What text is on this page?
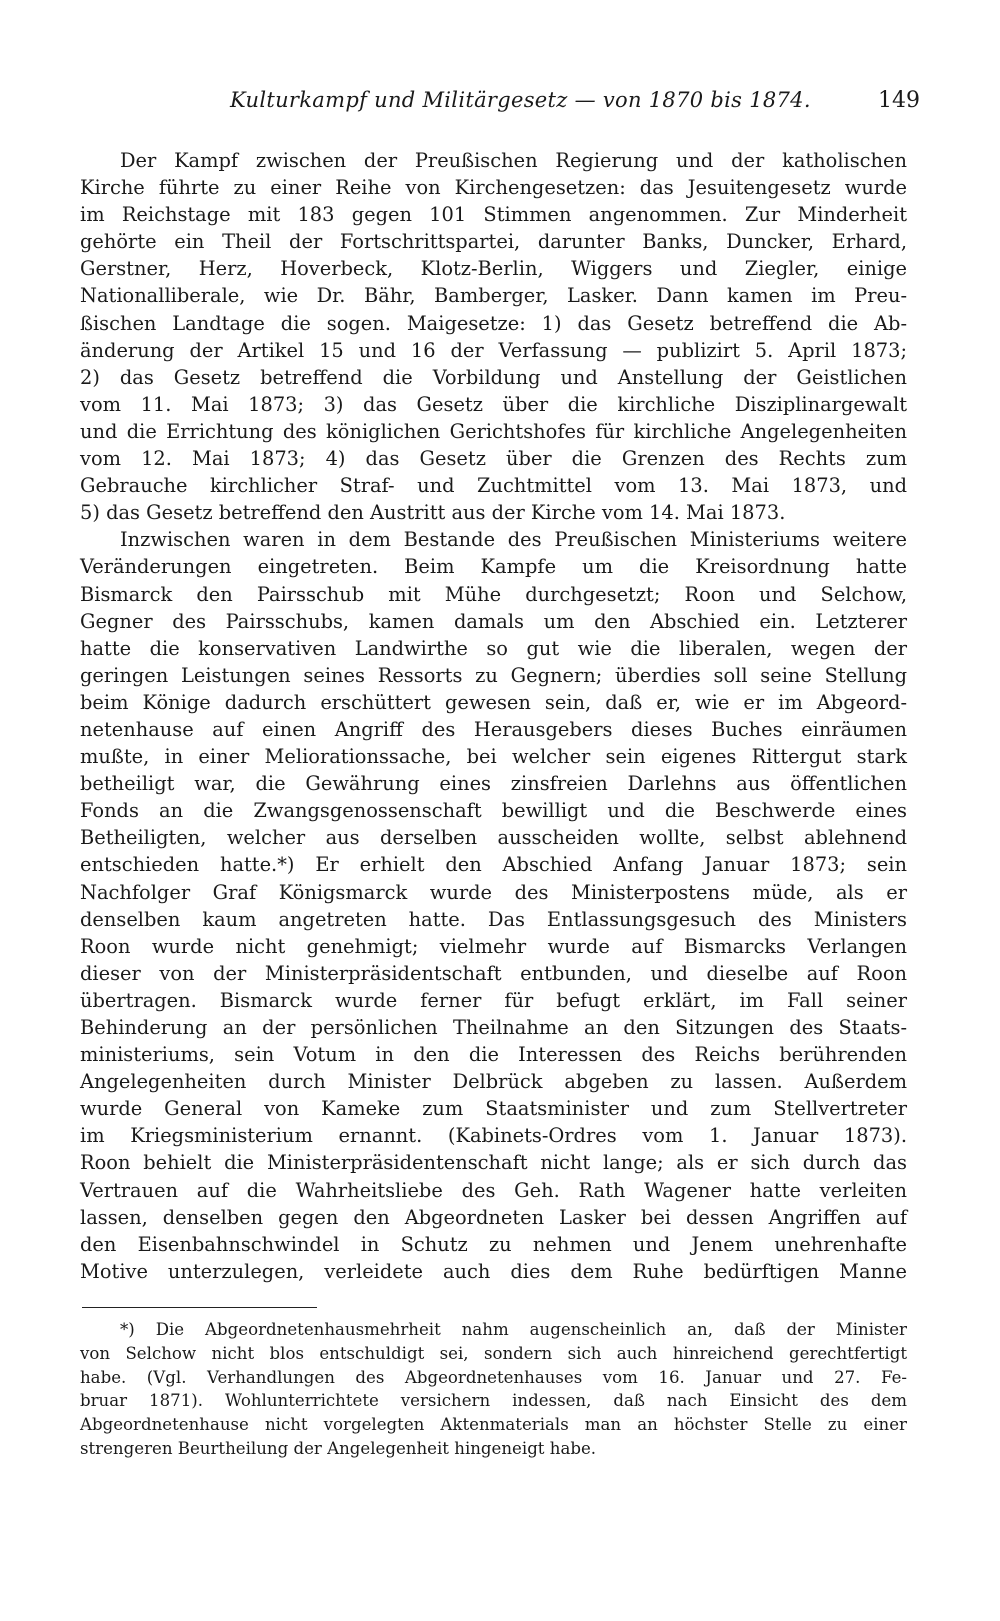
Kulturkampf und Militärgesetz — von 1870 bis 1874.	149

Der Kampf zwischen der Preußischen Regierung und der katholischen
Kirche führte zu einer Reihe von Kirchengesetzen: das Jesuitengesetz wurde
im Reichstage mit 183 gegen 101 Stimmen angenommen. Zur Minderheit
gehörte ein Theil der Fortschrittspartei, darunter Banks, Duncker, Erhard,
Gerstner, Herz, Hoverbeck, Klotz-Berlin, Wiggers und Ziegler, einige
Nationalliberale, wie Dr. Bähr, Bamberger, Lasker. Dann kamen im Preu-
ßischen Landtage die sogen. Maigesetze: 1) das Gesetz betreffend die Ab-
änderung der Artikel 15 und 16 der Verfassung — publizirt 5. April 1873;
2) das Gesetz betreffend die Vorbildung und Anstellung der Geistlichen
vom 11. Mai 1873; 3) das Gesetz über die kirchliche Disziplinargewalt
und die Errichtung des königlichen Gerichtshofes für kirchliche Angelegenheiten
vom 12. Mai 1873; 4) das Gesetz über die Grenzen des Rechts zum
Gebrauche kirchlicher Straf- und Zuchtmittel vom 13. Mai 1873, und
5) das Gesetz betreffend den Austritt aus der Kirche vom 14. Mai 1873.

Inzwischen waren in dem Bestande des Preußischen Ministeriums weitere
Veränderungen eingetreten. Beim Kampfe um die Kreisordnung hatte
Bismarck den Pairsschub mit Mühe durchgesetzt; Roon und Selchow,
Gegner des Pairsschubs, kamen damals um den Abschied ein. Letzterer
hatte die konservativen Landwirthe so gut wie die liberalen, wegen der
geringen Leistungen seines Ressorts zu Gegnern; überdies soll seine Stellung
beim Könige dadurch erschüttert gewesen sein, daß er, wie er im Abgeord-
netenhause auf einen Angriff des Herausgebers dieses Buches einräumen
mußte, in einer Meliorationssache, bei welcher sein eigenes Rittergut stark
betheiligt war, die Gewährung eines zinsfreien Darlehns aus öffentlichen
Fonds an die Zwangsgenossenschaft bewilligt und die Beschwerde eines
Betheiligten, welcher aus derselben ausscheiden wollte, selbst ablehnend
entschieden hatte.*) Er erhielt den Abschied Anfang Januar 1873; sein
Nachfolger Graf Königsmarck wurde des Ministerpostens müde, als er
denselben kaum angetreten hatte. Das Entlassungsgesuch des Ministers
Roon wurde nicht genehmigt; vielmehr wurde auf Bismarcks Verlangen
dieser von der Ministerpräsidentschaft entbunden, und dieselbe auf Roon
übertragen. Bismarck wurde ferner für befugt erklärt, im Fall seiner
Behinderung an der persönlichen Theilnahme an den Sitzungen des Staats-
ministeriums, sein Votum in den die Interessen des Reichs berührenden
Angelegenheiten durch Minister Delbrück abgeben zu lassen. Außerdem
wurde General von Kameke zum Staatsminister und zum Stellvertreter
im Kriegsministerium ernannt. (Kabinets-Ordres vom 1. Januar 1873).
Roon behielt die Ministerpräsidentenschaft nicht lange; als er sich durch das
Vertrauen auf die Wahrheitsliebe des Geh. Rath Wagener hatte verleiten
lassen, denselben gegen den Abgeordneten Lasker bei dessen Angriffen auf
den Eisenbahnschwindel in Schutz zu nehmen und Jenem unehrenhafte
Motive unterzulegen, verleidete auch dies dem Ruhe bedürftigen Manne

*) Die Abgeordnetenhausmehrheit nahm augenscheinlich an, daß der Minister
von Selchow nicht blos entschuldigt sei, sondern sich auch hinreichend gerechtfertigt
habe. (Vgl. Verhandlungen des Abgeordnetenhauses vom 16. Januar und 27. Fe-
bruar 1871). Wohlunterrichtete versichern indessen, daß nach Einsicht des dem
Abgeordnetenhause nicht vorgelegten Aktenmaterials man an höchster Stelle zu einer
strengeren Beurtheilung der Angelegenheit hingeneigt habe.
